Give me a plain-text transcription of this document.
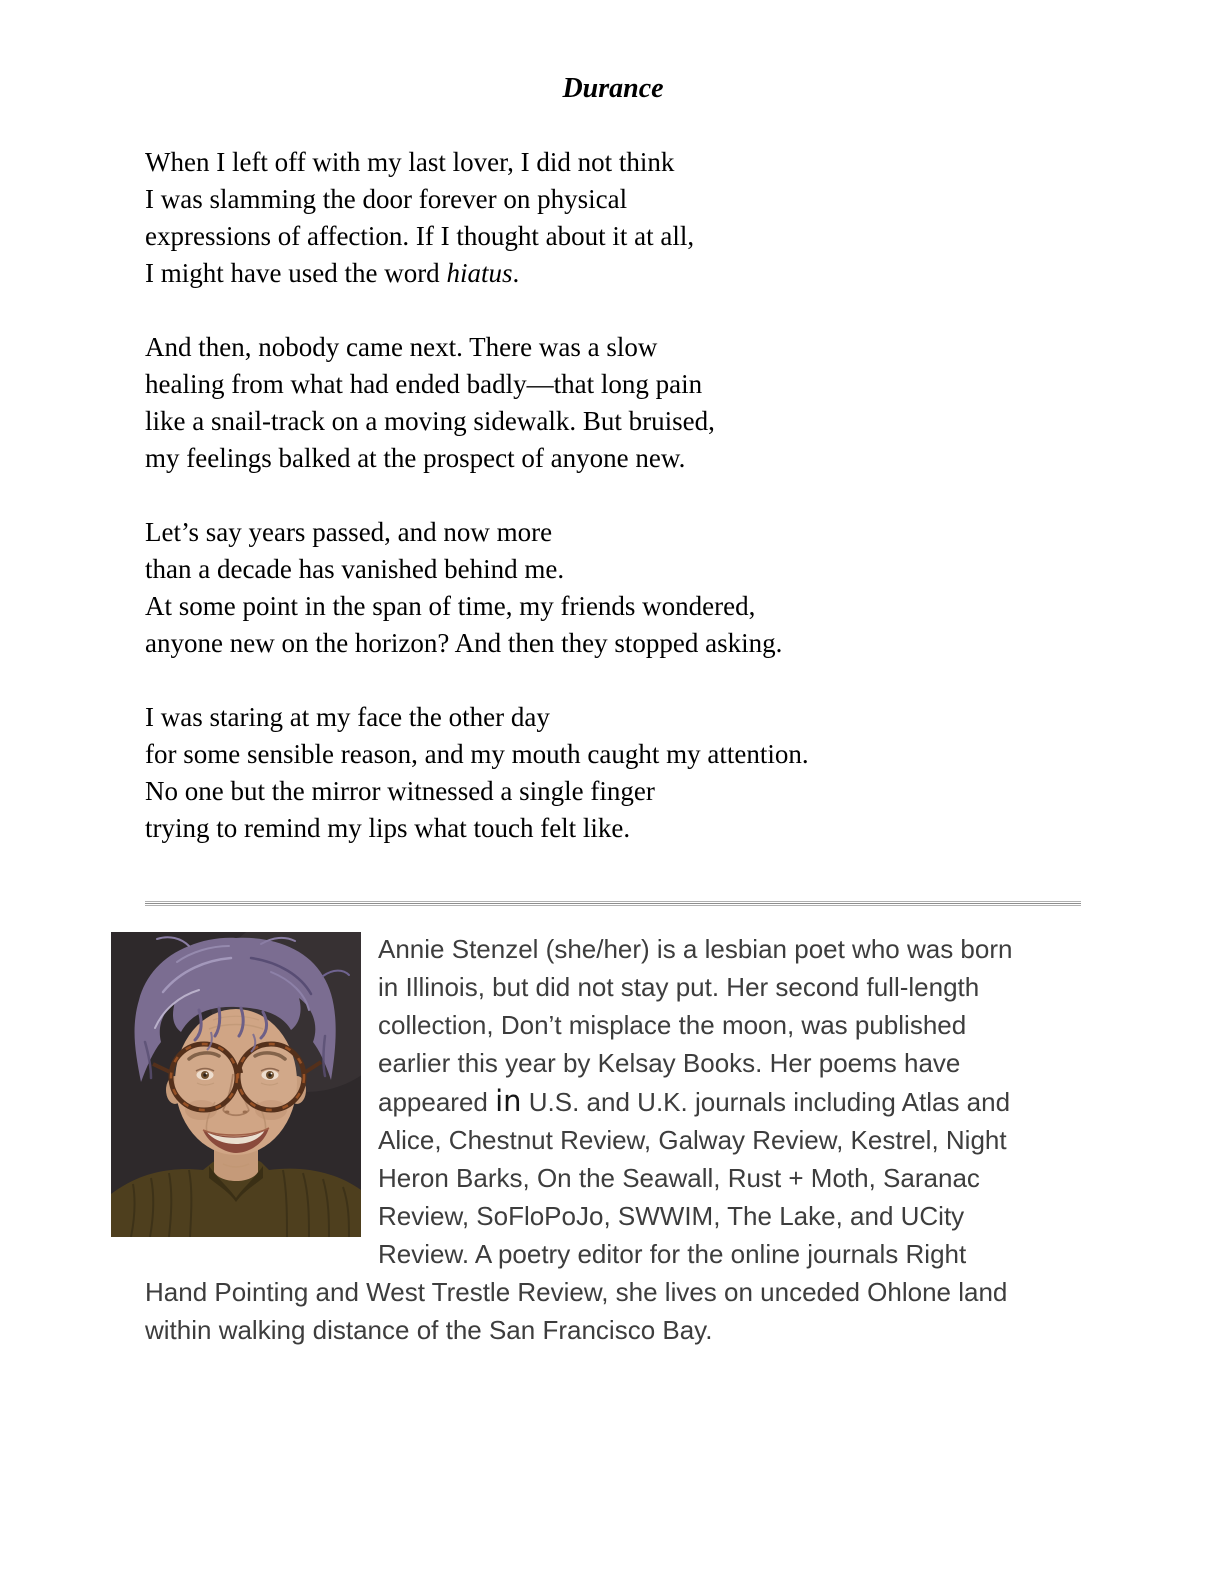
Durance
When I left off with my last lover, I did not think
I was slamming the door forever on physical
expressions of affection. If I thought about it at all,
I might have used the word hiatus.
And then, nobody came next. There was a slow
healing from what had ended badly—that long pain
like a snail-track on a moving sidewalk. But bruised,
my feelings balked at the prospect of anyone new.
Let’s say years passed, and now more
than a decade has vanished behind me.
At some point in the span of time, my friends wondered,
anyone new on the horizon? And then they stopped asking.
I was staring at my face the other day
for some sensible reason, and my mouth caught my attention.
No one but the mirror witnessed a single finger
trying to remind my lips what touch felt like.
Annie Stenzel (she/her) is a lesbian poet who was born
in Illinois, but did not stay put. Her second full-length
collection, Don’t misplace the moon, was published
earlier this year by Kelsay Books. Her poems have
appeared in U.S. and U.K. journals including Atlas and
Alice, Chestnut Review, Galway Review, Kestrel, Night
Heron Barks, On the Seawall, Rust + Moth, Saranac
Review, SoFloPoJo, SWWIM, The Lake, and UCity
Review. A poetry editor for the online journals Right
Hand Pointing and West Trestle Review, she lives on unceded Ohlone land
within walking distance of the San Francisco Bay.
